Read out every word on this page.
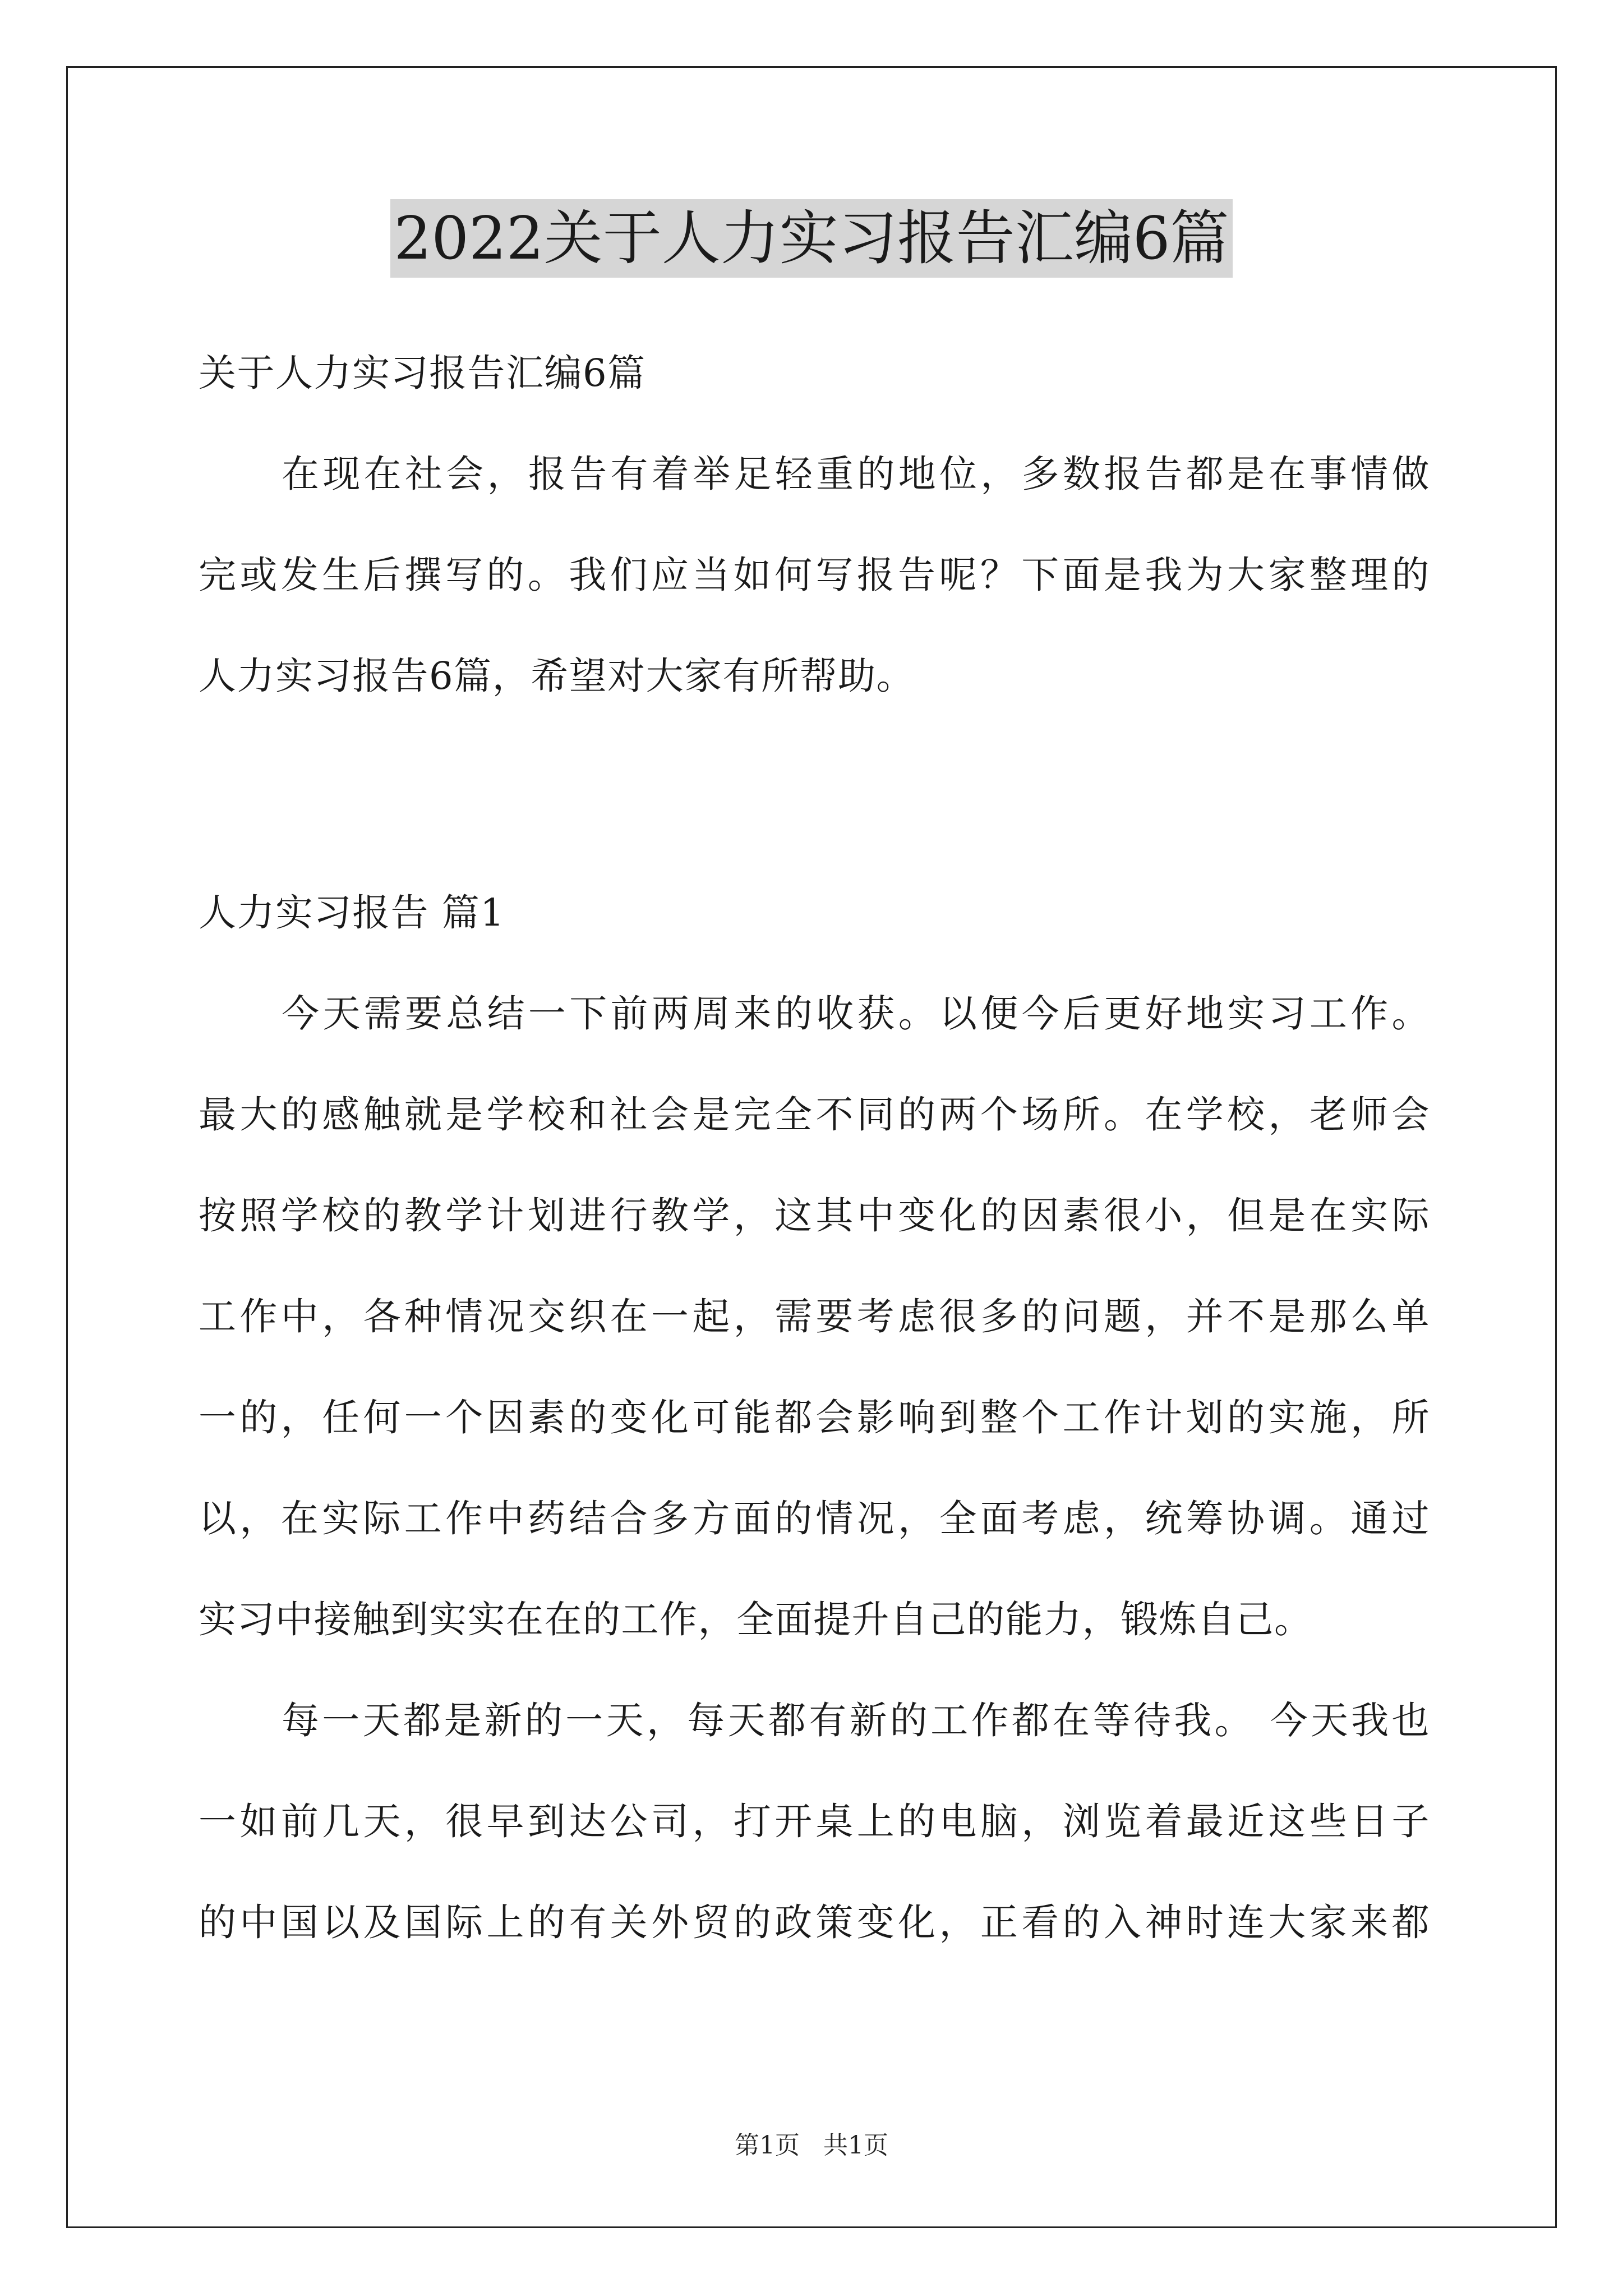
2022关于人力实习报告汇编6篇
关于人力实习报告汇编6篇
在现在社会，报告有着举足轻重的地位，多数报告都是在事情做
完或发生后撰写的。我们应当如何写报告呢？下面是我为大家整理的
人力实习报告6篇，希望对大家有所帮助。
人力实习报告 篇1
今天需要总结一下前两周来的收获。以便今后更好地实习工作。
最大的感触就是学校和社会是完全不同的两个场所。在学校，老师会
按照学校的教学计划进行教学，这其中变化的因素很小，但是在实际
工作中，各种情况交织在一起，需要考虑很多的问题，并不是那么单
一的，任何一个因素的变化可能都会影响到整个工作计划的实施，所
以，在实际工作中药结合多方面的情况，全面考虑，统筹协调。通过
实习中接触到实实在在的工作，全面提升自己的能力，锻炼自己。
每一天都是新的一天，每天都有新的工作都在等待我。 今天我也
一如前几天，很早到达公司，打开桌上的电脑，浏览着最近这些日子
的中国以及国际上的有关外贸的政策变化，正看的入神时连大家来都
第1页 共1页
